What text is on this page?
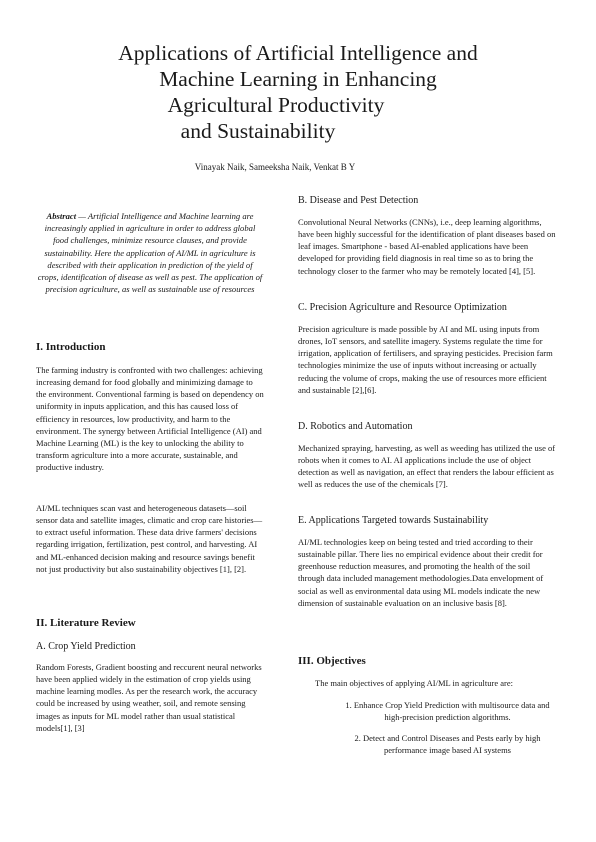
Applications of Artificial Intelligence and
Machine Learning in Enhancing
Agricultural Productivity
and Sustainability
Vinayak Naik, Sameeksha Naik, Venkat B Y
Abstract — Artificial Intelligence and Machine learning are increasingly applied in agriculture in order to address global food challenges, minimize resource clauses, and provide sustainability. Here the application of AI/ML in agriculture is described with their application in prediction of the yield of crops, identification of disease as well as pest. The application of precision agriculture, as well as sustainable use of resources
I. Introduction
The farming industry is confronted with two challenges: achieving increasing demand for food globally and minimizing damage to the environment. Conventional farming is based on dependency on uniformity in inputs application, and this has caused loss of efficiency in resources, low productivity, and harm to the environment. The synergy between Artificial Intelligence (AI) and Machine Learning (ML) is the key to unlocking the ability to transform agriculture into a more accurate, sustainable, and productive industry.
AI/ML techniques scan vast and heterogeneous datasets—soil sensor data and satellite images, climatic and crop care histories—to extract useful information. These data drive farmers' decisions regarding irrigation, fertilization, pest control, and harvesting. AI and ML-enhanced decision making and resource savings benefit not just productivity but also sustainability objectives [1], [2].
II. Literature Review
A. Crop Yield Prediction
Random Forests, Gradient boosting and reccurent neural networks have been applied widely in the estimation of crop yields using machine learning modles. As per the research work, the accuracy could be increased by using weather, soil, and remote sensing images as inputs for ML model rather than usual statistical models[1], [3]
B. Disease and Pest Detection
Convolutional Neural Networks (CNNs), i.e., deep learning algorithms, have been highly successful for the identification of plant diseases based on leaf images. Smartphone - based AI-enabled applications have been developed for providing field diagnosis in real time so as to bring the technology closer to the farmer who may be remotely located [4], [5].
C. Precision Agriculture and Resource Optimization
Precision agriculture is made possible by AI and ML using inputs from drones, IoT sensors, and satellite imagery. Systems regulate the time for irrigation, application of fertilisers, and spraying pesticides. Precision farm technologies minimize the use of inputs without increasing or actually reducing the volume of crops, making the use of resources more efficient and sustainable [2],[6].
D. Robotics and Automation
Mechanized spraying, harvesting, as well as weeding has utilized the use of robots when it comes to AI. AI applications include the use of object detection as well as navigation, an effect that renders the labour efficient as well as reduces the use of the chemicals [7].
E. Applications Targeted towards Sustainability
AI/ML technologies keep on being tested and tried according to their sustainable pillar. There lies no empirical evidence about their credit for greenhouse reduction measures, and promoting the health of the soil through data included management methodologies.Data envelopment of social as well as environmental data using ML models indicate the new dimension of sustainable evaluation on an inclusive basis [8].
III. Objectives
The main objectives of applying AI/ML in agriculture are:
1. Enhance Crop Yield Prediction with multisource data and high-precision prediction algorithms.
2. Detect and Control Diseases and Pests early by high performance image based AI systems
